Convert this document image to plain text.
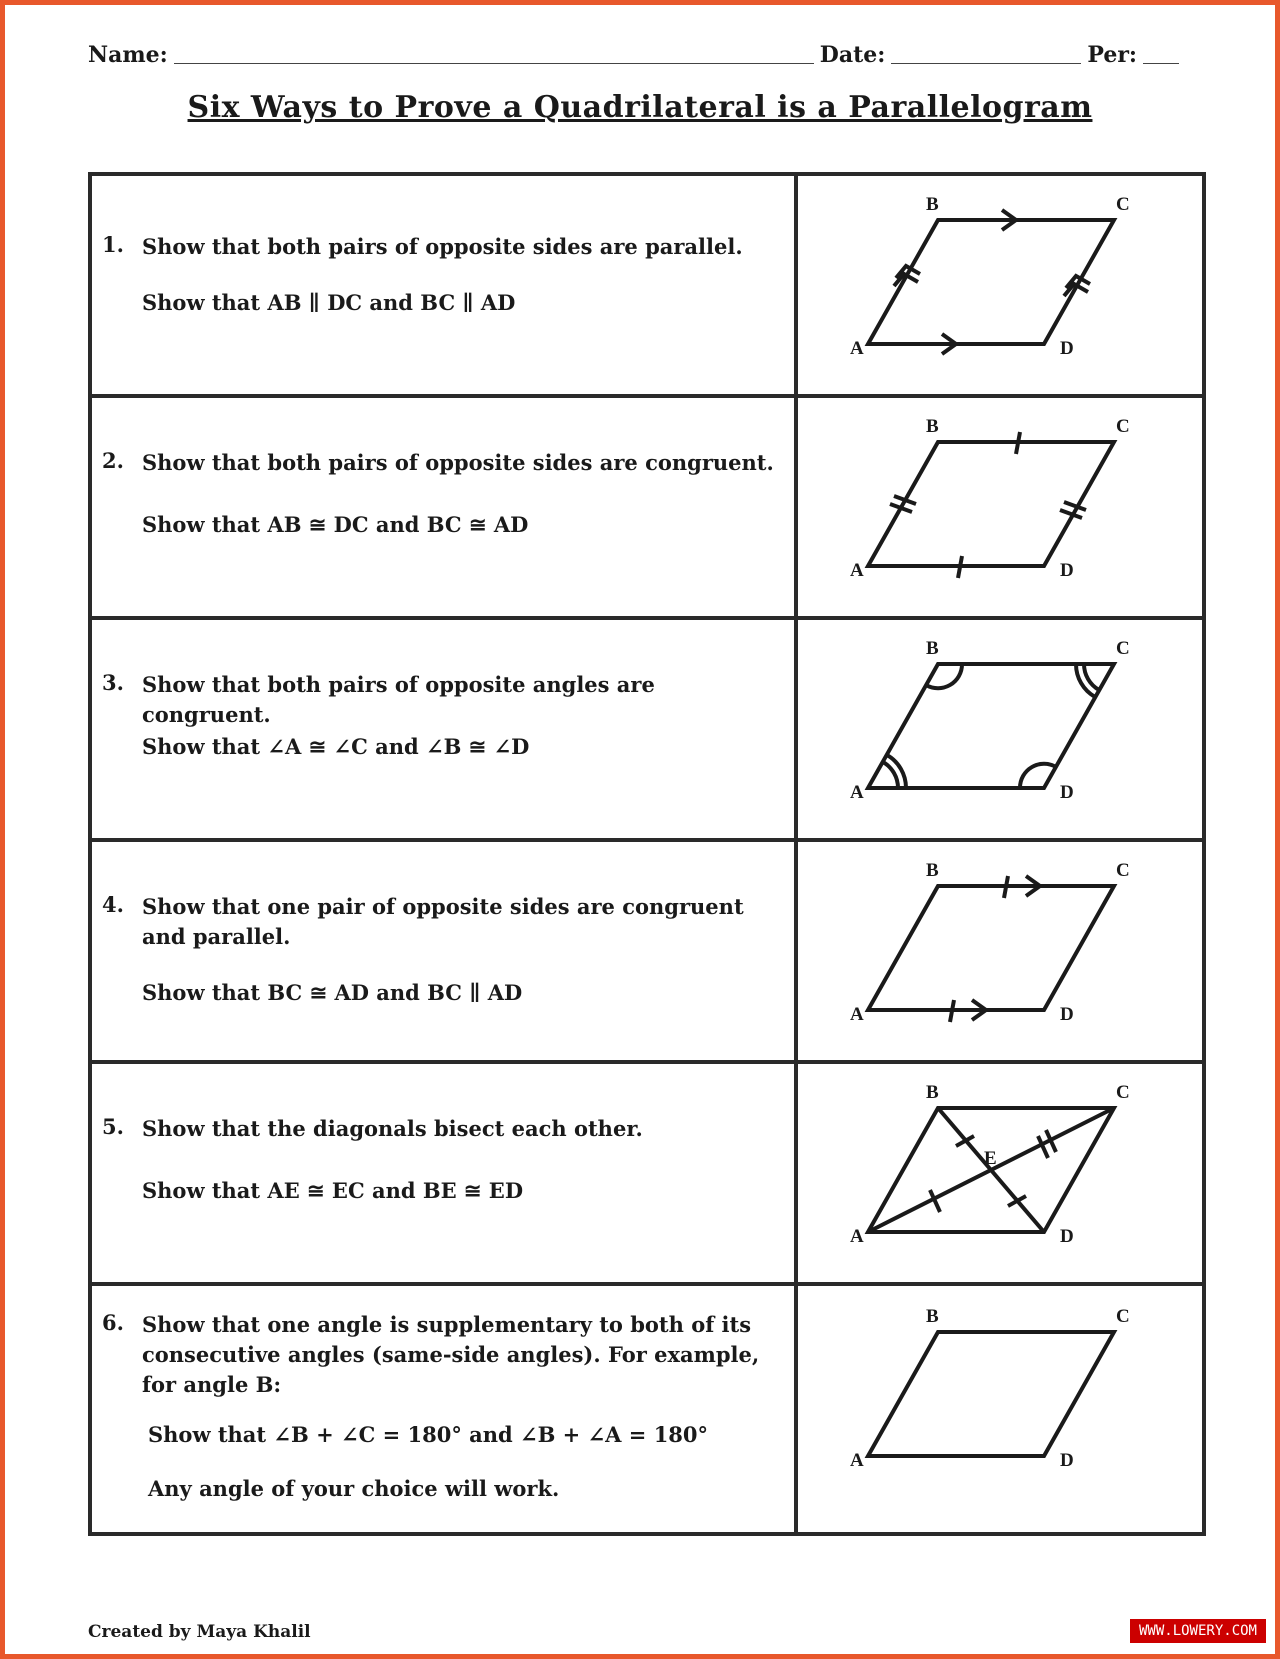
Name:	Date:	Per:
Six Ways to Prove a Quadrilateral is a Parallelogram
1. Show that both pairs of opposite sides are parallel.
Show that AB ∥ DC and BC ∥ AD
A
B	C
D
2. Show that both pairs of opposite sides are congruent.
Show that AB ≅ DC and BC ≅ AD
A
B	C
D
3. Show that both pairs of opposite angles are congruent.
Show that ∠A ≅ ∠C and ∠B ≅ ∠D
A
B	C
D
4. Show that one pair of opposite sides are congruent and parallel.
Show that BC ≅ AD and BC ∥ AD
A
B	C
D
5. Show that the diagonals bisect each other.
Show that AE ≅ EC and BE ≅ ED
E
A
B	C
D
6. Show that one angle is supplementary to both of its consecutive angles (same-side angles). For example, for angle B:
Show that ∠B + ∠C = 180° and ∠B + ∠A = 180°
Any angle of your choice will work.
A
B	C
D
Created by Maya Khalil	WWW.LOWERY.COM
